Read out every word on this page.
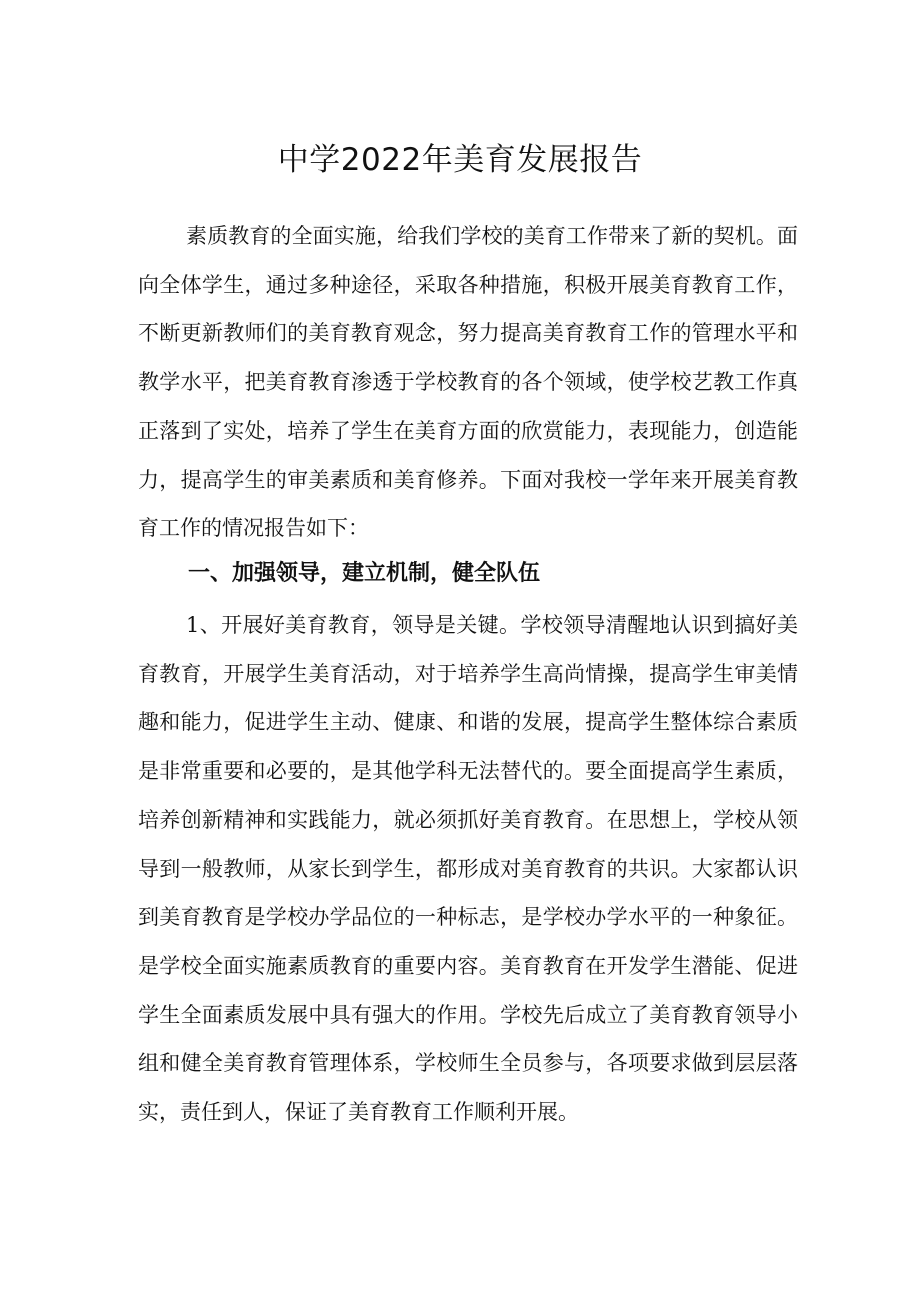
中学2022年美育发展报告

素质教育的全面实施，给我们学校的美育工作带来了新的契机。面向全体学生，通过多种途径，采取各种措施，积极开展美育教育工作，不断更新教师们的美育教育观念，努力提高美育教育工作的管理水平和教学水平，把美育教育渗透于学校教育的各个领域，使学校艺教工作真正落到了实处，培养了学生在美育方面的欣赏能力，表现能力，创造能力，提高学生的审美素质和美育修养。下面对我校一学年来开展美育教育工作的情况报告如下：

一、加强领导，建立机制，健全队伍

1、开展好美育教育，领导是关键。学校领导清醒地认识到搞好美育教育，开展学生美育活动，对于培养学生高尚情操，提高学生审美情趣和能力，促进学生主动、健康、和谐的发展，提高学生整体综合素质是非常重要和必要的，是其他学科无法替代的。要全面提高学生素质，培养创新精神和实践能力，就必须抓好美育教育。在思想上，学校从领导到一般教师，从家长到学生，都形成对美育教育的共识。大家都认识到美育教育是学校办学品位的一种标志，是学校办学水平的一种象征。是学校全面实施素质教育的重要内容。美育教育在开发学生潜能、促进学生全面素质发展中具有强大的作用。学校先后成立了美育教育领导小组和健全美育教育管理体系，学校师生全员参与，各项要求做到层层落实，责任到人，保证了美育教育工作顺利开展。
